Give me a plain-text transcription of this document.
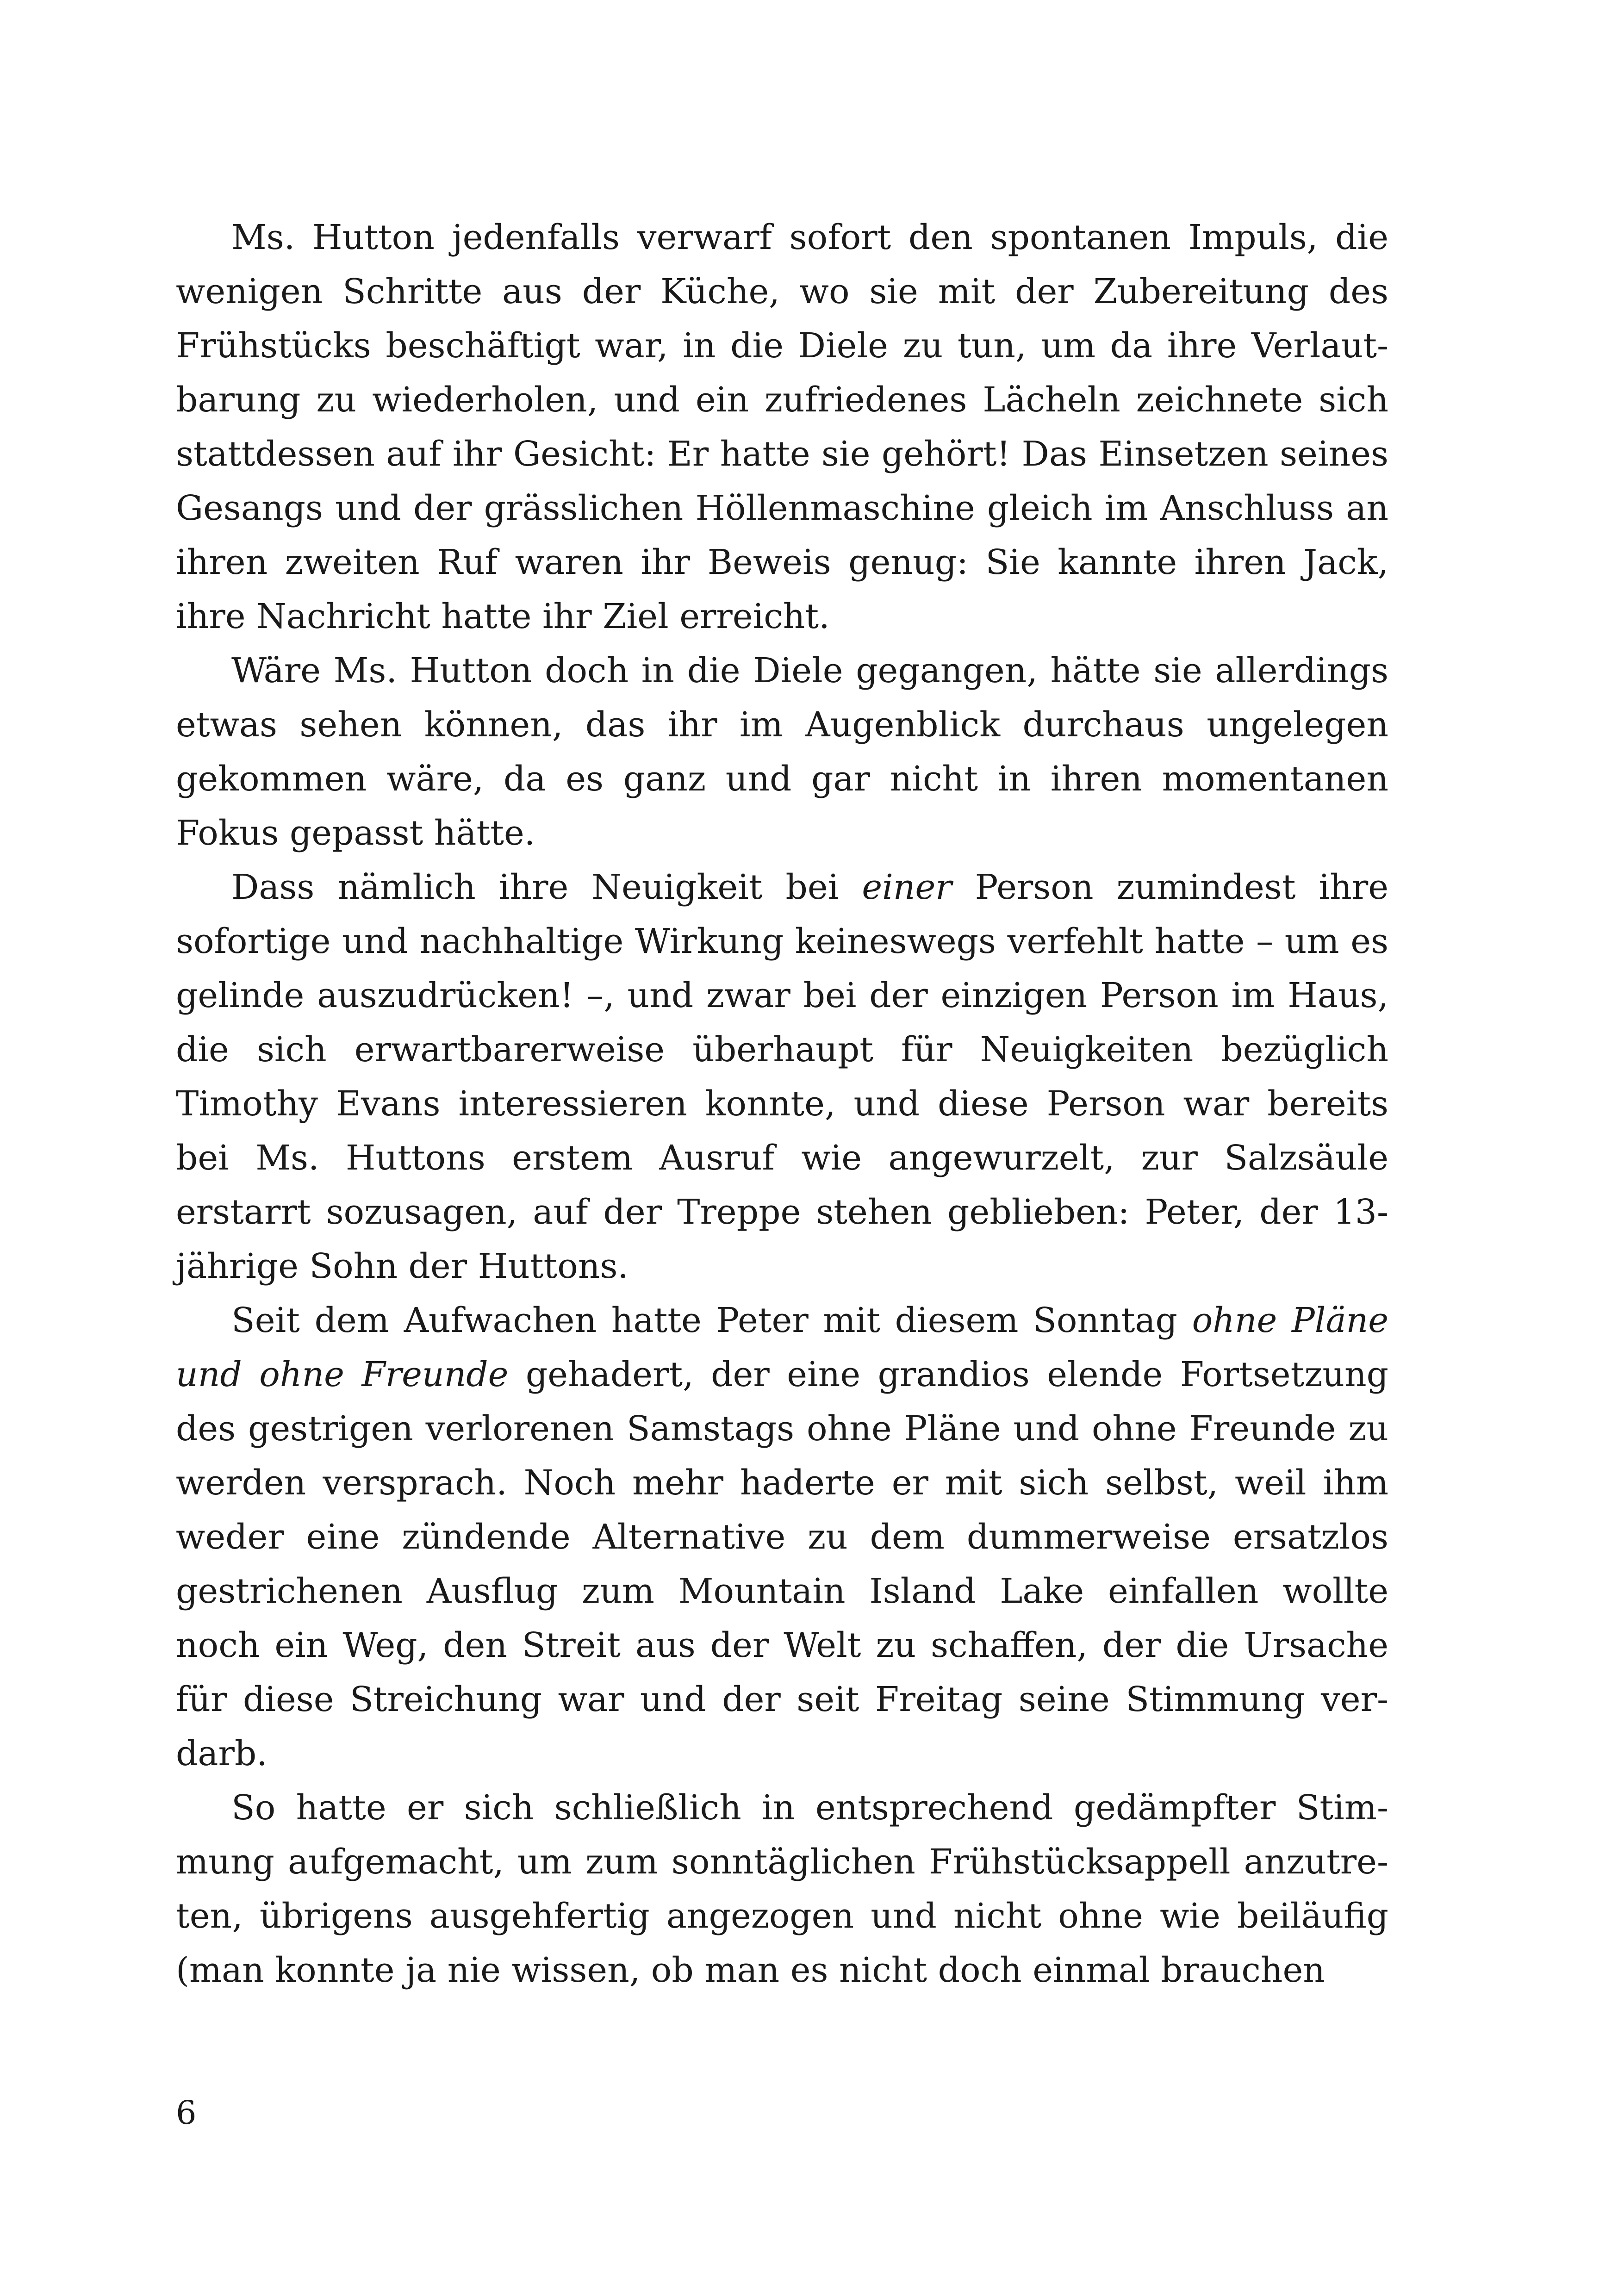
Ms. Hutton jedenfalls verwarf sofort den spontanen Impuls, die wenigen Schritte aus der Küche, wo sie mit der Zubereitung des Frühstücks beschäftigt war, in die Diele zu tun, um da ihre Verlautbarung zu wiederholen, und ein zufriedenes Lächeln zeichnete sich stattdessen auf ihr Gesicht: Er hatte sie gehört! Das Einsetzen seines Gesangs und der grässlichen Höllenmaschine gleich im Anschluss an ihren zweiten Ruf waren ihr Beweis genug: Sie kannte ihren Jack, ihre Nachricht hatte ihr Ziel erreicht.

Wäre Ms. Hutton doch in die Diele gegangen, hätte sie allerdings etwas sehen können, das ihr im Augenblick durchaus ungelegen gekommen wäre, da es ganz und gar nicht in ihren momentanen Fokus gepasst hätte.

Dass nämlich ihre Neuigkeit bei einer Person zumindest ihre sofortige und nachhaltige Wirkung keineswegs verfehlt hatte – um es gelinde auszudrücken! –, und zwar bei der einzigen Person im Haus, die sich erwartbarerweise überhaupt für Neuigkeiten bezüglich Timothy Evans interessieren konnte, und diese Person war bereits bei Ms. Huttons erstem Ausruf wie angewurzelt, zur Salzsäule erstarrt sozusagen, auf der Treppe stehen geblieben: Peter, der 13-jährige Sohn der Huttons.

Seit dem Aufwachen hatte Peter mit diesem Sonntag ohne Pläne und ohne Freunde gehadert, der eine grandios elende Fortsetzung des gestrigen verlorenen Samstags ohne Pläne und ohne Freunde zu werden versprach. Noch mehr haderte er mit sich selbst, weil ihm weder eine zündende Alternative zu dem dummerweise ersatzlos gestrichenen Ausflug zum Mountain Island Lake einfallen wollte noch ein Weg, den Streit aus der Welt zu schaffen, der die Ursache für diese Streichung war und der seit Freitag seine Stimmung verdarb.

So hatte er sich schließlich in entsprechend gedämpfter Stimmung aufgemacht, um zum sonntäglichen Frühstücksappell anzutreten, übrigens ausgehfertig angezogen und nicht ohne wie beiläufig (man konnte ja nie wissen, ob man es nicht doch einmal brauchen

6
